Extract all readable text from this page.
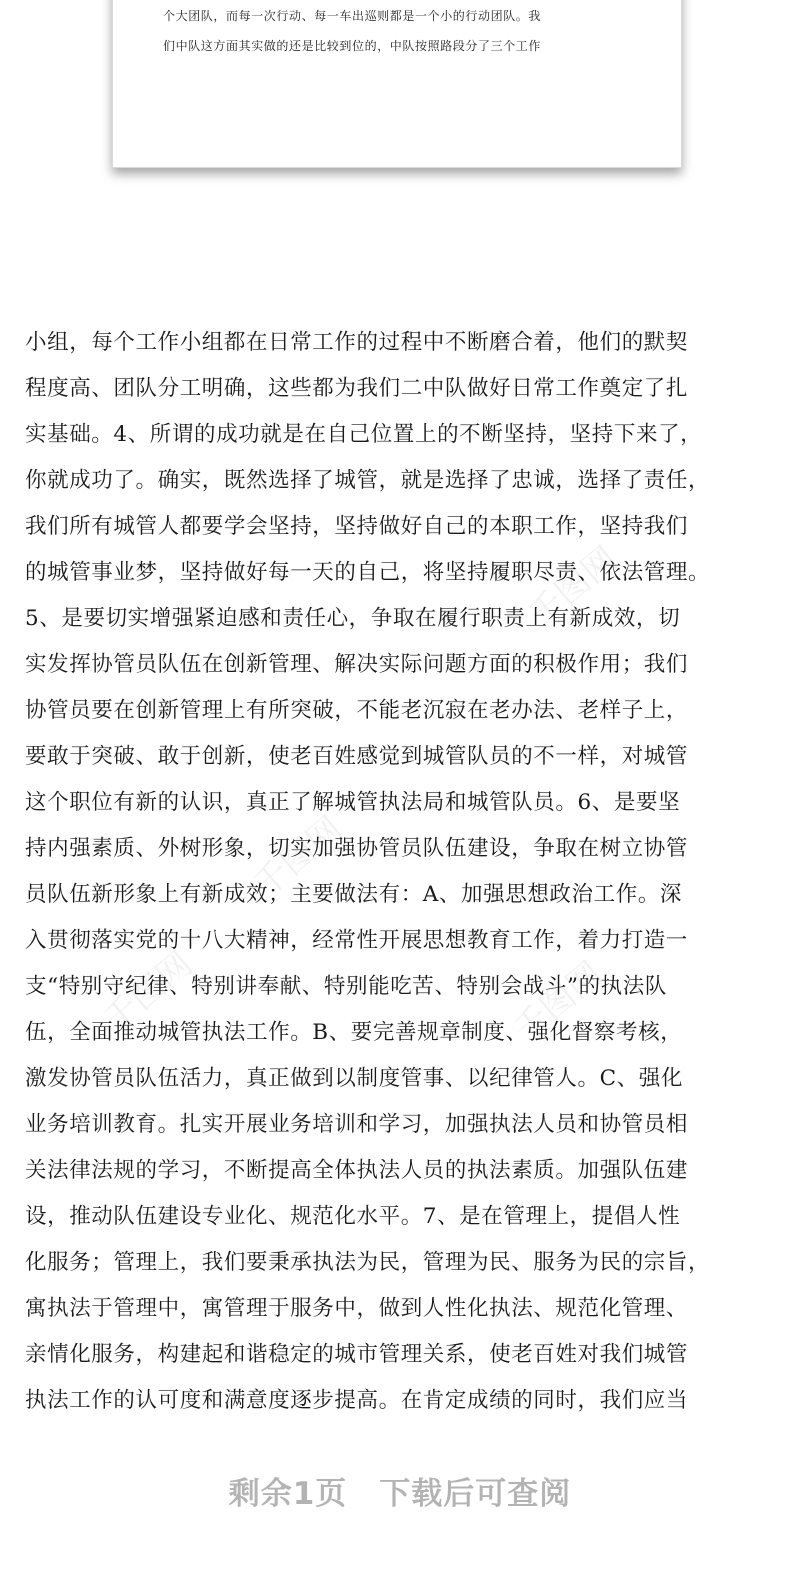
个大团队，而每一次行动、每一车出巡则都是一个小的行动团队。我
们中队这方面其实做的还是比较到位的，中队按照路段分了三个工作
千图网
千图网
千图网
千图网
小组，每个工作小组都在日常工作的过程中不断磨合着，他们的默契
程度高、团队分工明确，这些都为我们二中队做好日常工作奠定了扎
实基础。4、所谓的成功就是在自己位置上的不断坚持，坚持下来了，
你就成功了。确实，既然选择了城管，就是选择了忠诚，选择了责任，
我们所有城管人都要学会坚持，坚持做好自己的本职工作，坚持我们
的城管事业梦，坚持做好每一天的自己，将坚持履职尽责、依法管理。
5、是要切实增强紧迫感和责任心，争取在履行职责上有新成效，切
实发挥协管员队伍在创新管理、解决实际问题方面的积极作用；我们
协管员要在创新管理上有所突破，不能老沉寂在老办法、老样子上，
要敢于突破、敢于创新，使老百姓感觉到城管队员的不一样，对城管
这个职位有新的认识，真正了解城管执法局和城管队员。6、是要坚
持内强素质、外树形象，切实加强协管员队伍建设，争取在树立协管
员队伍新形象上有新成效；主要做法有：A、加强思想政治工作。深
入贯彻落实党的十八大精神，经常性开展思想教育工作，着力打造一
支“特别守纪律、特别讲奉献、特别能吃苦、特别会战斗”的执法队
伍，全面推动城管执法工作。B、要完善规章制度、强化督察考核，
激发协管员队伍活力，真正做到以制度管事、以纪律管人。C、强化
业务培训教育。扎实开展业务培训和学习，加强执法人员和协管员相
关法律法规的学习，不断提高全体执法人员的执法素质。加强队伍建
设，推动队伍建设专业化、规范化水平。7、是在管理上，提倡人性
化服务；管理上，我们要秉承执法为民，管理为民、服务为民的宗旨，
寓执法于管理中，寓管理于服务中，做到人性化执法、规范化管理、
亲情化服务，构建起和谐稳定的城市管理关系，使老百姓对我们城管
执法工作的认可度和满意度逐步提高。在肯定成绩的同时，我们应当
剩余1页　下载后可查阅
